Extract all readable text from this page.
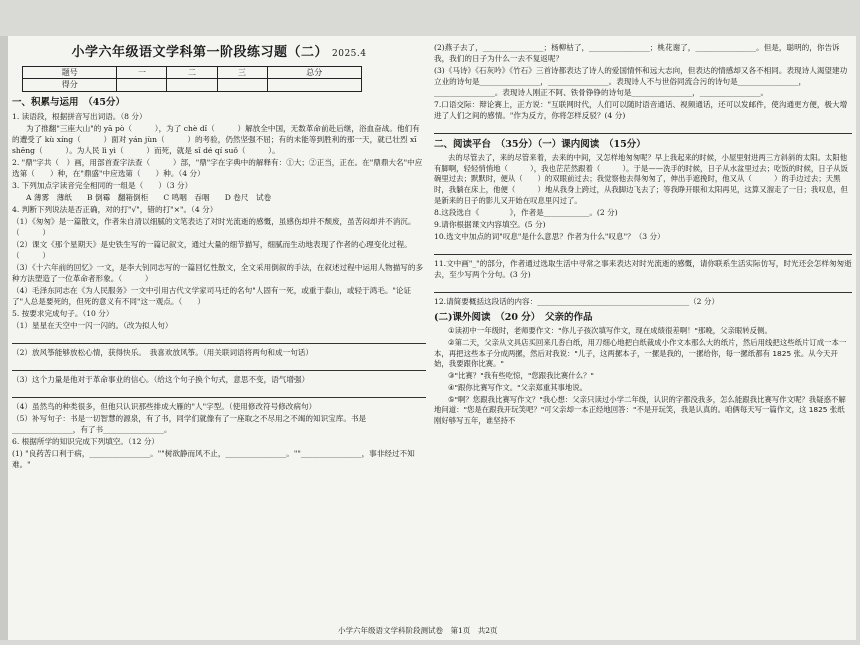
小学六年级语文学科第一阶段练习题（二） 2025.4
题号	一	二	三	总分
得分				
一、积累与运用　（45分）
1. 读语段，根据拼音写出词语。（8 分）
为了推翻"三座大山"的 yā pò（　　　），为了 chè dǐ（　　　）解放全中国，无数革命前赴后继，浴血奋战。他们有的遭受了 kù xíng（　　　）面对 yán jùn（　　　）的考验，仍然坚强不屈；有的未能等到胜利的那一天，就已壮烈 xī shēng（　　　）。为人民 lì yì（　　　）而死，就是 sǐ dé qí suǒ（　　　）。
2. "鼎"字共（　）画，用部首查字法查（　　　）部，"鼎"字在字典中的解释有：①大；②正当，正在。在"鼎鼎大名"中应选第（　　）种，在"鼎盛"中应选第（　　）种。（4 分）
3. 下列加点字读音完全相同的一组是（　　）（3 分）
A 薄雾　薄纸　　B 倒霉　翻箱倒柜　　C 鸣咽　吞咽　　D 卷尺　试卷
4. 判断下列说法是否正确，对的打"√"，错的打"×"。（4 分）
（1）《匆匆》是一篇散文，作者朱自清以细腻的文笔表达了对时光流逝的感慨，虽感伤却并不颓废，虽苦闷却并不消沉。（　　　）
（2）课文《那个星期天》是史铁生写的一篇记叙文，通过大量的细节描写，细腻而生动地表现了作者的心理变化过程。（　　　）
（3）《十六年前的回忆》一文，是李大钊同志写的一篇回忆性散文，全文采用倒叙的手法，在叙述过程中运用人物描写的多种方法塑造了一位革命者形象。（　　　）
（4）毛泽东同志在《为人民服务》一文中引用古代文学家司马迁的名句"人固有一死，或重于泰山，或轻于鸿毛。"论证了"人总是要死的，但死的意义有不同"这一观点。（　　）
5. 按要求完成句子。（10 分）
（1）星星在天空中一闪一闪的。（改为拟人句）
（2）放风筝能够放松心情，获得快乐。　我喜欢放风筝。（用关联词语将两句和成一句话）
（3）这个力量是他对于革命事业的信心。（给这个句子换个句式，意思不变，语气增强）
（4）虽然鸟的种类很多，但他只认识那些排成大雁的"人"字型。（使用修改符号修改病句）
（5）补写句子：书是一切智慧的源泉，有了书，同学们就像有了一座取之不尽用之不竭的知识宝库。书是________________，有了书________________。
6. 根据所学的知识完成下列填空。（12 分）
(1) "良药苦口利于病，________________。""树欲静而风不止，________________。""________________，事非经过不知难。"
(2)燕子去了，________________；杨柳枯了，________________；桃花谢了，________________。但是，聪明的，你告诉我，我们的日子为什么一去不复返呢？
(3)《马诗》《石灰吟》《竹石》三首诗都表达了诗人的爱国情怀和远大志向，但表达的情感却又各不相同。表现诗人渴望建功立业的诗句是________________，________________。表现诗人不与世俗同流合污的诗句是________________，________________。表现诗人刚正不阿、铁骨铮铮的诗句是________________，________________。
7.口语交际：辩论赛上，正方说："互联网时代，人们可以随时语音通话、视频通话，还可以发邮件，使沟通更方便，极大增进了人们之间的感情。"作为反方，你将怎样反驳？(4 分)
二、阅读平台　（35分）（一）课内阅读　（15分）
去的尽管去了，来的尽管来着，去来的中间，又怎样地匆匆呢？早上我起来的时候，小屋里射进两三方斜斜的太阳。太阳他有脚啊，轻轻悄悄地（　　　），我也茫茫然跟着（　　　）。于是——洗手的时候，日子从水盆里过去；吃饭的时候，日子从饭碗里过去；默默时，便从（　　）的双眼前过去；我觉察他去得匆匆了，伸出手遮挽时，他又从（　　　）的手边过去；天黑时，我躺在床上，他便（　　　）地从我身上跨过，从我脚边飞去了；等我睁开眼和太阳再见，这算又溜走了一日；我叹息，但是新来的日子的影儿又开始在叹息里闪过了。
8.这段选自《　　　　》，作者是____________。(2 分)
9.请你根据课文内容填空。(5 分)
10.选文中加点的词"叹息"是什么意思？作者为什么"叹息"？（3 分）
11.文中画"_"的部分，作者通过选取生活中寻常之事来表达对时光流逝的感慨，请你联系生活实际仿写，时光还会怎样匆匆逝去，至少写两个分句。(3 分)
12.请简要概括这段话的内容：________________________________________（2 分）
(二)课外阅读　（20 分）　父亲的作品
①读初中一年级时，老师要作文："你儿子孩次填写作文，现在成绩很差啊！"那晚，父亲眼转反侧。
②第二天，父亲从文具店买回来几沓白纸，用刀细心地把白纸裁成小作文本那么大的纸片，然后用线把这些纸片订成一本一本，再把这些本子分成两摞，然后对我说："儿子，这两摞本子，一摞是我的，一摞给你，每一摞纸都有 1825 张。从今天开始，我要跟你比赛。"
③"比赛？"我有些吃惊，"您跟我比赛什么？"
④"跟你比赛写作文。"父亲郑重其事地说。
⑤"啊？您跟我比赛写作文？"我心想：父亲只读过小学二年级，认识的字都没我多，怎么能跟我比赛写作文呢？我疑惑不解地问道："您是在跟我开玩笑吧？"可父亲却一本正经地回答："不是开玩笑，我是认真的。咱俩每天写一篇作文，这 1825 张纸刚好够写五年，谁坚持不
小学六年级语文学科阶段测试卷　第1页　共2页
